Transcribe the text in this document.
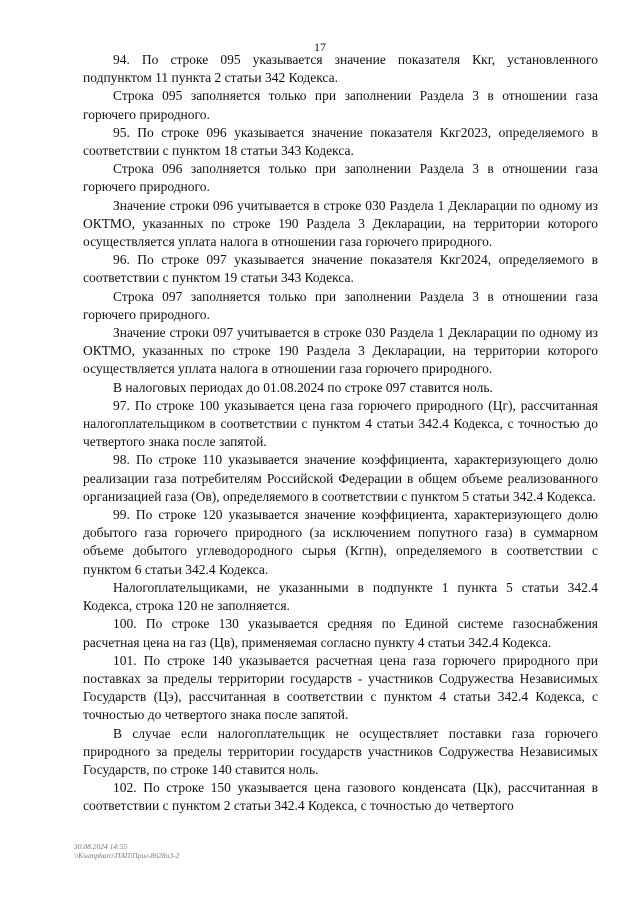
17

94. По строке 095 указывается значение показателя Ккг, установленного подпунктом 11 пункта 2 статьи 342 Кодекса.

Строка 095 заполняется только при заполнении Раздела 3 в отношении газа горючего природного.

95. По строке 096 указывается значение показателя Ккг2023, определяемого в соответствии с пунктом 18 статьи 343 Кодекса.

Строка 096 заполняется только при заполнении Раздела 3 в отношении газа горючего природного.

Значение строки 096 учитывается в строке 030 Раздела 1 Декларации по одному из ОКТМО, указанных по строке 190 Раздела 3 Декларации, на территории которого осуществляется уплата налога в отношении газа горючего природного.

96. По строке 097 указывается значение показателя Ккг2024, определяемого в соответствии с пунктом 19 статьи 343 Кодекса.

Строка 097 заполняется только при заполнении Раздела 3 в отношении газа горючего природного.

Значение строки 097 учитывается в строке 030 Раздела 1 Декларации по одному из ОКТМО, указанных по строке 190 Раздела 3 Декларации, на территории которого осуществляется уплата налога в отношении газа горючего природного.

В налоговых периодах до 01.08.2024 по строке 097 ставится ноль.

97. По строке 100 указывается цена газа горючего природного (Цг), рассчитанная налогоплательщиком в соответствии с пунктом 4 статьи 342.4 Кодекса, с точностью до четвертого знака после запятой.

98. По строке 110 указывается значение коэффициента, характеризующего долю реализации газа потребителям Российской Федерации в общем объеме реализованного организацией газа (Ов), определяемого в соответствии с пунктом 5 статьи 342.4 Кодекса.

99. По строке 120 указывается значение коэффициента, характеризующего долю добытого газа горючего природного (за исключением попутного газа) в суммарном объеме добытого углеводородного сырья (Кгпн), определяемого в соответствии с пунктом 6 статьи 342.4 Кодекса.

Налогоплательщиками, не указанными в подпункте 1 пункта 5 статьи 342.4 Кодекса, строка 120 не заполняется.

100. По строке 130 указывается средняя по Единой системе газоснабжения расчетная цена на газ (Цв), применяемая согласно пункту 4 статьи 342.4 Кодекса.

101. По строке 140 указывается расчетная цена газа горючего природного при поставках за пределы территории государств - участников Содружества Независимых Государств (Цэ), рассчитанная в соответствии с пунктом 4 статьи 342.4 Кодекса, с точностью до четвертого знака после запятой.

В случае если налогоплательщик не осуществляет поставки газа горючего природного за пределы территории государств участников Содружества Независимых Государств, по строке 140 ставится ноль.

102. По строке 150 указывается цена газового конденсата (Цк), рассчитанная в соответствии с пунктом 2 статьи 342.4 Кодекса, с точностью до четвертого

30.08.2024 14:55
\\Ksumpharo\ПАП\Приг-8628о3-2
